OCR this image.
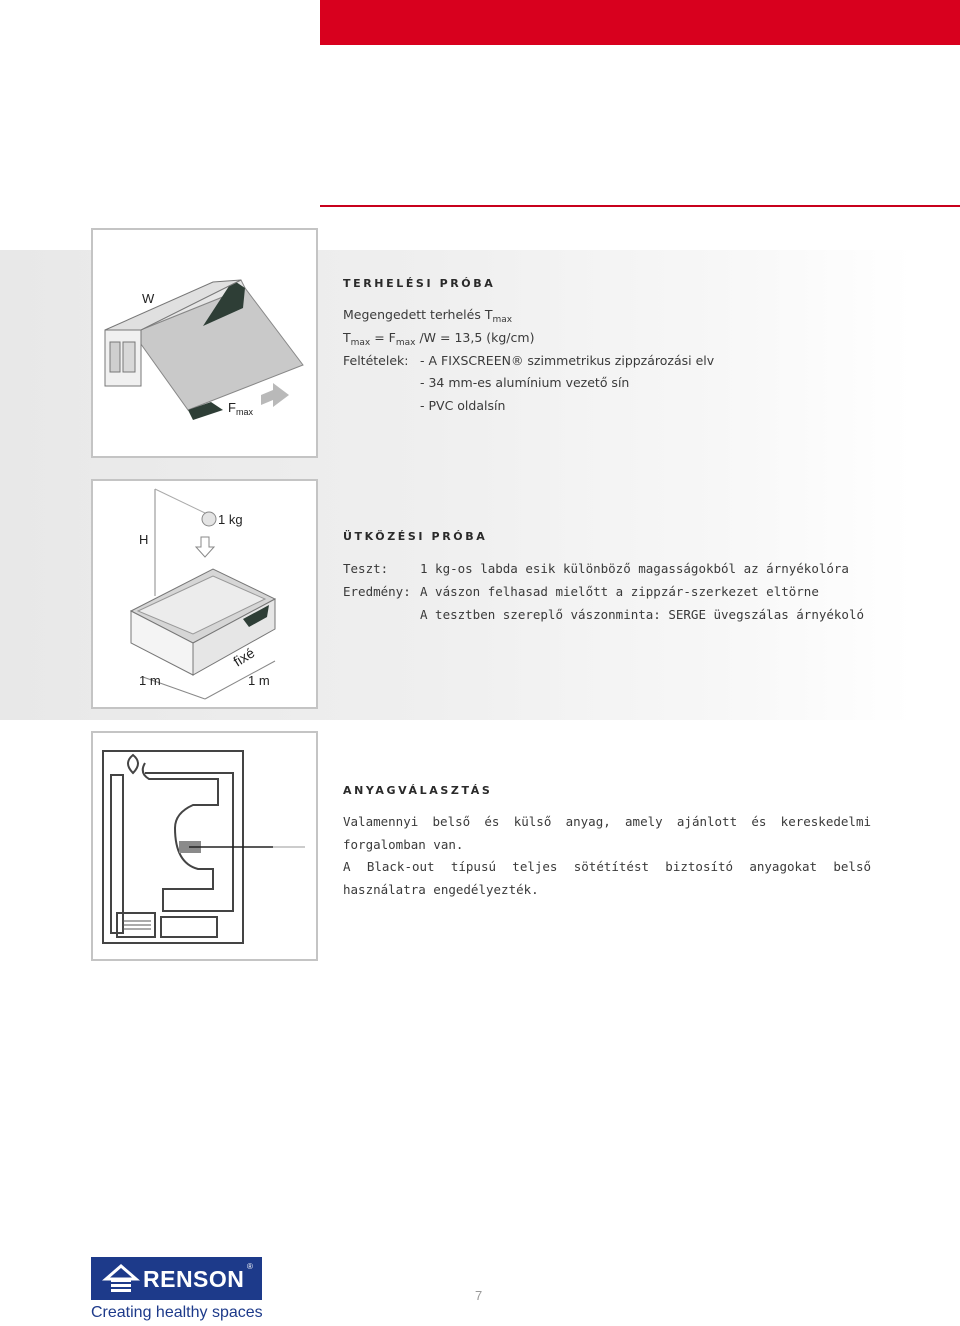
W
$F_{max}$
H
1 kg
fixé
1 m	1 m
TERHELÉSI PRÓBA
Megengedett terhelés $T_{max}$
$T_{max} = F_{max}$ /W = 13,5 (kg/cm)
Feltételek: - A FIXSCREEN® szimmetrikus zippzározási elv
- 34 mm-es alumínium vezető sín
- PVC oldalsín
ÜTKÖZÉSI PRÓBA
Teszt:	1 kg-os labda esik különböző magasságokból az árnyékolóra
Eredmény: A vászon felhasad mielőtt a zippzár-szerkezet eltörne
A tesztben szereplő vászonminta: SERGE üvegszálas árnyékoló
ANYAGVÁLASZTÁS
Valamennyi belső és külső anyag, amely ajánlott és kereskedelmi forgalomban van.
A Black-out típusú teljes sötétítést biztosító anyagokat belső használatra engedélyezték.
RENSON ®
Creating healthy spaces
7
